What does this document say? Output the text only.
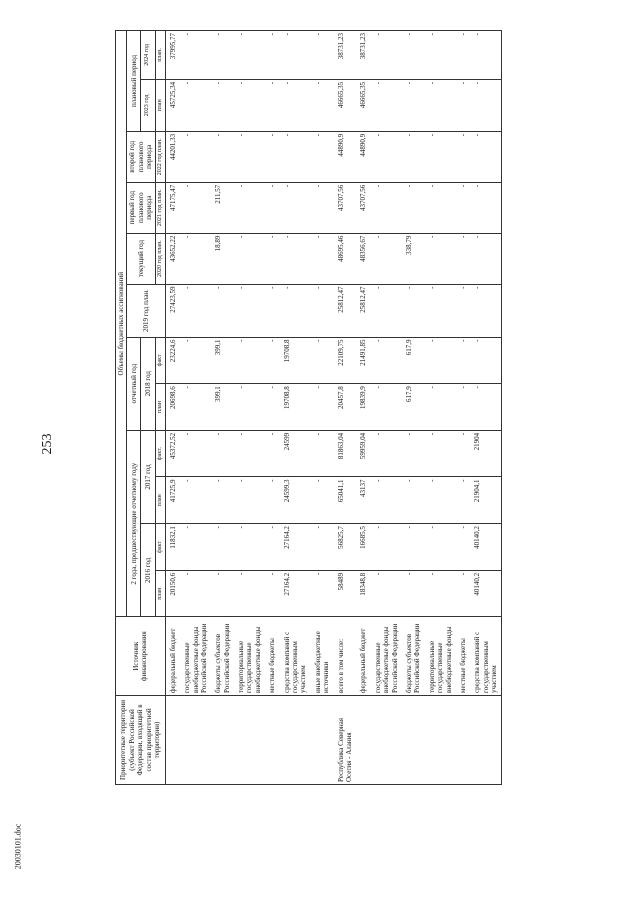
253
20030101.doc
Приоритетные территории (субъект Российской Федерации, входящий в состав приоритетной территории)	Источник финансирования	Объемы бюджетных ассигнований											
		2 года, предшествующие отчетному году				отчетный год		2019 год план.	текущий год	первый год планового периода	второй год планового периода	плановый период	
		2016 год		2017 год		2018 год						2023 год	2024 год
		план	факт	план	факт.	план	факт		2020 год план.	2021 год план.	2022 год план.	план	план.
	федеральный бюджет	20150,6	11832,1	41725,9	45372,52	20698,6	23224,6	27423,59	43652,22	47175,47	44201,33	45725,34	37995,77
	государственные внебюджетные фонды Российской Федерации	-	-	-	-	-	-	-	-	-	-	-	-
	бюджеты субъектов Российской Федерации	-	-	-	-	399,1	399,1	-	18,89	211,57	-	-	-
	территориальные государственные внебюджетные фонды	-	-	-	-	-	-	-	-	-	-	-	-
	местные бюджеты	-	-	-	-	-	-	-	-	-	-	-	-
	средства компаний с государственным участием	27164,2	27164,2	24599,3	24599	19708,8	19708,8	-	-	-	-	-	-
	иные внебюджетные источники	-	-	-	-	-	-	-	-	-	-	-	-
Республика Северная Осетия - Алания	всего в том числе:	58489	56825,7	65041,1	81863,04	20457,8	22109,75	25812,47	48695,46	43707,56	44890,9	46665,35	38731,23
	федеральный бюджет	18348,8	16685,5	43137	59959,04	19839,9	21491,85	25812,47	48356,67	43707,56	44890,9	46665,35	38731,23
	государственные внебюджетные фонды Российской Федерации	-	-	-	-	-	-	-	-	-	-	-	-
	бюджеты субъектов Российской Федерации	-	-	-	-	617,9	617,9	-	338,79	-	-	-	-
	территориальные государственные внебюджетные фонды	-	-	-	-	-	-	-	-	-	-	-	-
	местные бюджеты	-	-	-	-	-	-	-	-	-	-	-	-
	средства компаний с государственным участием	40140,2	40140,2	21904,1	21904	-	-	-	-	-	-	-	-
